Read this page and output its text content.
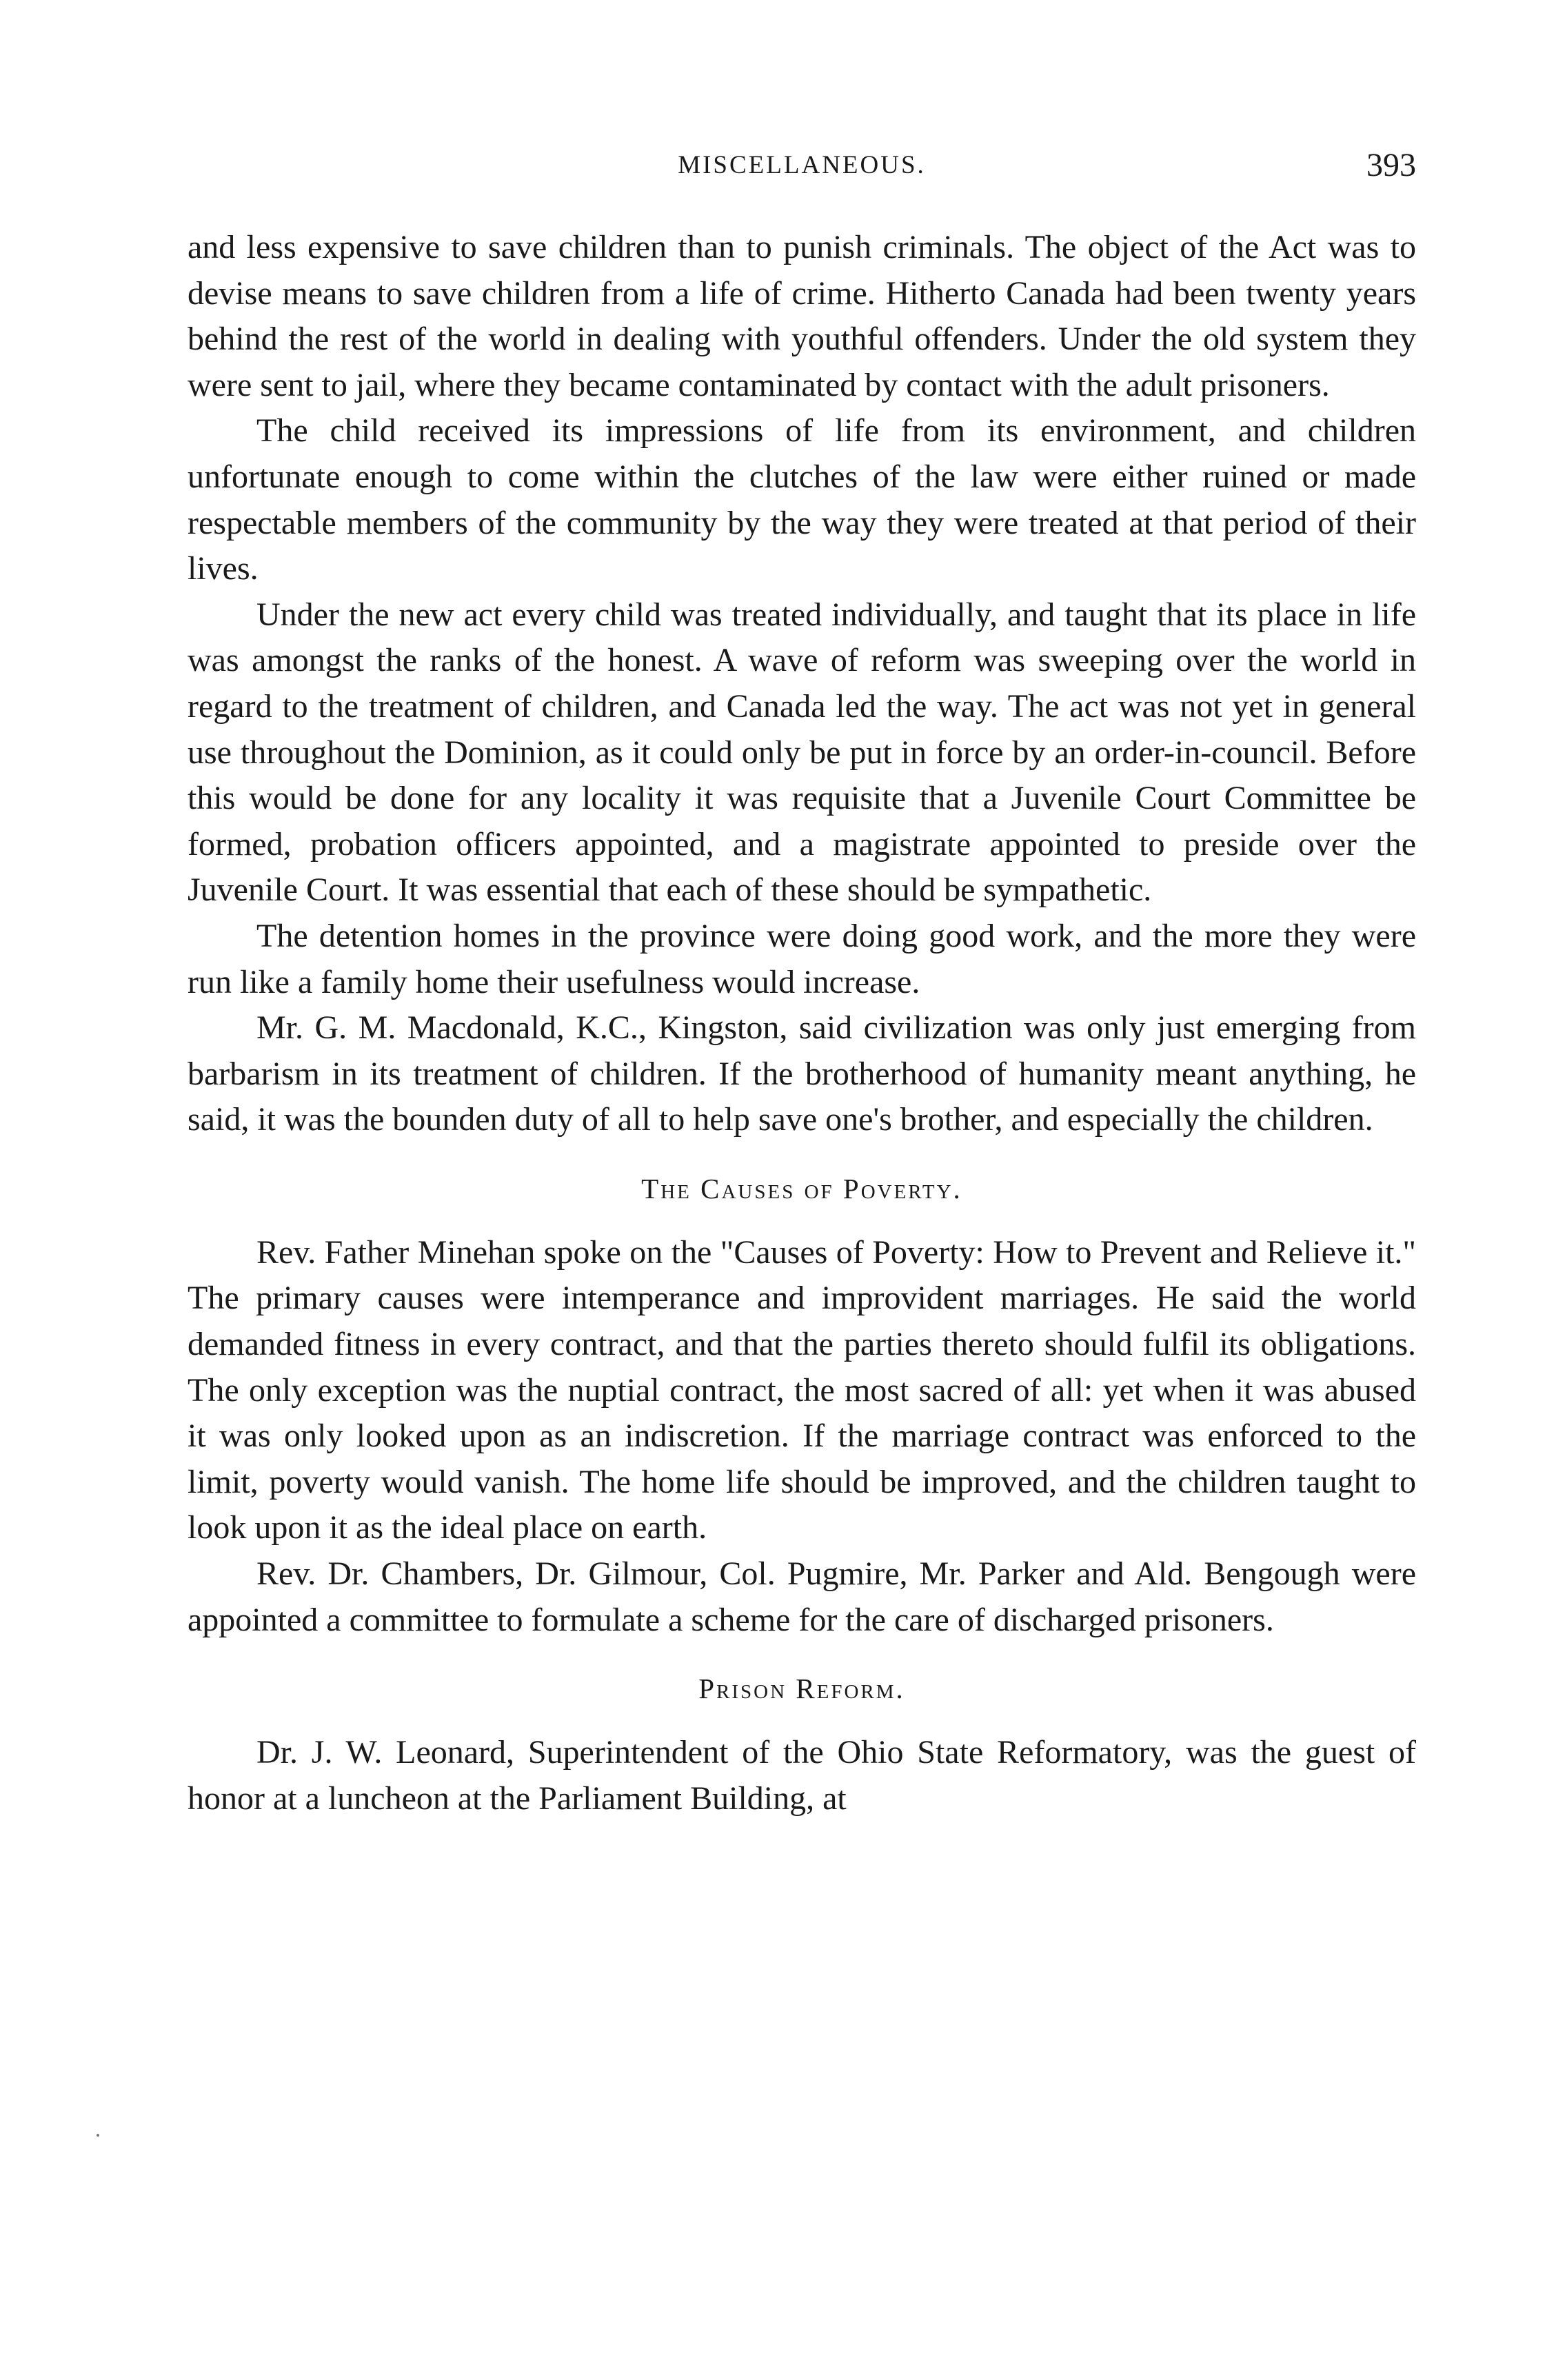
MISCELLANEOUS.	393

and less expensive to save children than to punish criminals. The object of the Act was to devise means to save children from a life of crime. Hitherto Canada had been twenty years behind the rest of the world in dealing with youthful offenders. Under the old system they were sent to jail, where they became contaminated by contact with the adult prisoners.

The child received its impressions of life from its environment, and children unfortunate enough to come within the clutches of the law were either ruined or made respectable members of the community by the way they were treated at that period of their lives.

Under the new act every child was treated individually, and taught that its place in life was amongst the ranks of the honest. A wave of reform was sweeping over the world in regard to the treatment of children, and Canada led the way. The act was not yet in general use throughout the Dominion, as it could only be put in force by an order-in-council. Before this would be done for any locality it was requisite that a Juvenile Court Committee be formed, probation officers appointed, and a magistrate appointed to preside over the Juvenile Court. It was essential that each of these should be sympathetic.

The detention homes in the province were doing good work, and the more they were run like a family home their usefulness would increase.

Mr. G. M. Macdonald, K.C., Kingston, said civilization was only just emerging from barbarism in its treatment of children. If the brotherhood of humanity meant anything, he said, it was the bounden duty of all to help save one's brother, and especially the children.

The Causes of Poverty.

Rev. Father Minehan spoke on the "Causes of Poverty: How to Prevent and Relieve it." The primary causes were intemperance and improvident marriages. He said the world demanded fitness in every contract, and that the parties thereto should fulfil its obligations. The only exception was the nuptial contract, the most sacred of all: yet when it was abused it was only looked upon as an indiscretion. If the marriage contract was enforced to the limit, poverty would vanish. The home life should be improved, and the children taught to look upon it as the ideal place on earth.

Rev. Dr. Chambers, Dr. Gilmour, Col. Pugmire, Mr. Parker and Ald. Bengough were appointed a committee to formulate a scheme for the care of discharged prisoners.

Prison Reform.

Dr. J. W. Leonard, Superintendent of the Ohio State Reformatory, was the guest of honor at a luncheon at the Parliament Building, at
